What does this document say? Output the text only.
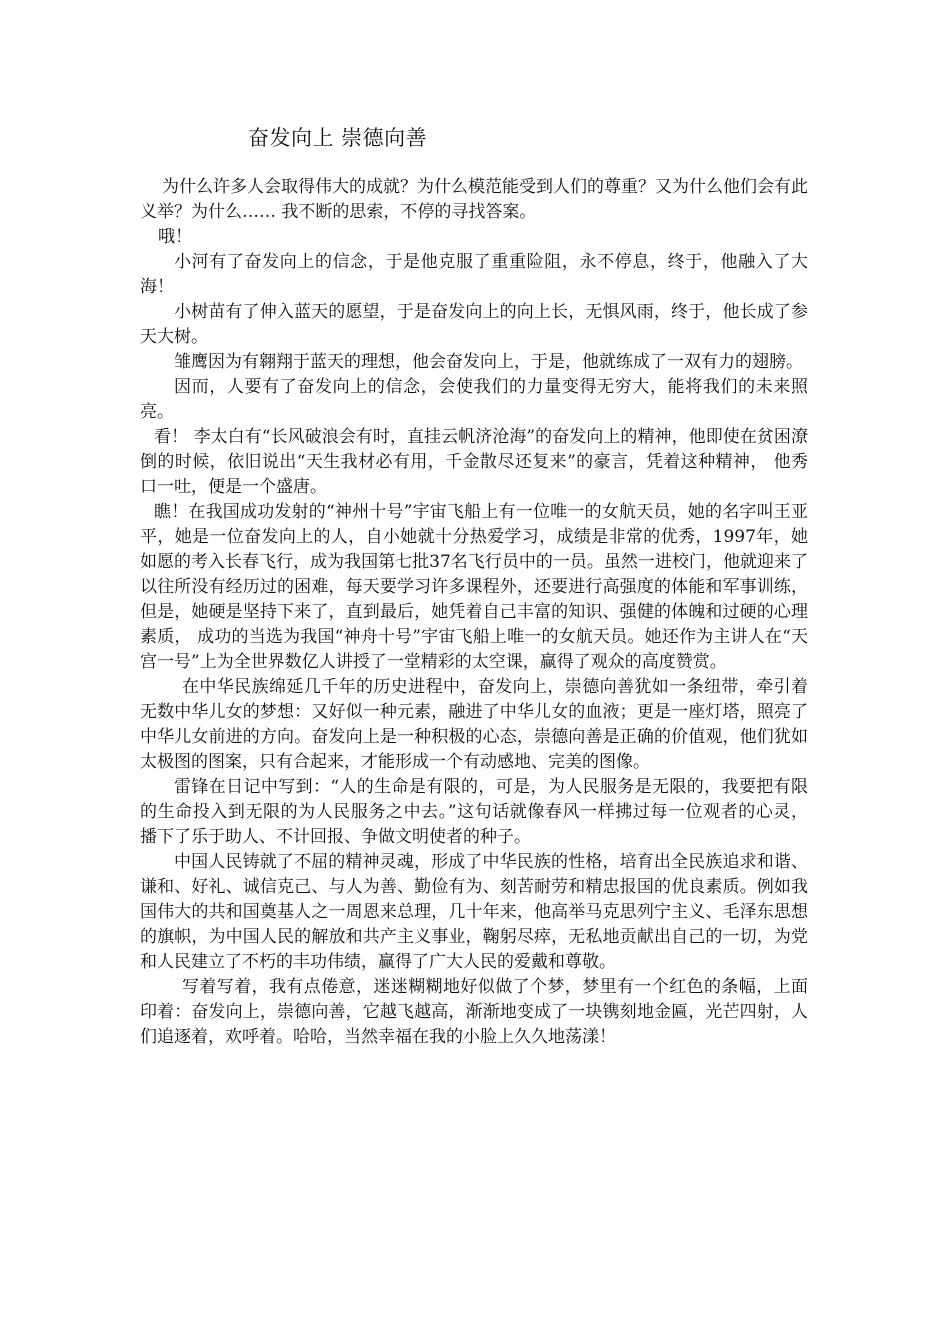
奋发向上 崇德向善

为什么许多人会取得伟大的成就？为什么模范能受到人们的尊重？又为什么他们会有此义举？为什么…… 我不断的思索，不停的寻找答案。

哦！

小河有了奋发向上的信念，于是他克服了重重险阻，永不停息，终于，他融入了大海！

小树苗有了伸入蓝天的愿望，于是奋发向上的向上长，无惧风雨，终于，他长成了参天大树。

雏鹰因为有翱翔于蓝天的理想，他会奋发向上，于是，他就练成了一双有力的翅膀。

因而，人要有了奋发向上的信念，会使我们的力量变得无穷大，能将我们的未来照亮。

看！ 李太白有“长风破浪会有时，直挂云帆济沧海”的奋发向上的精神，他即使在贫困潦倒的时候，依旧说出“天生我材必有用，千金散尽还复来”的豪言，凭着这种精神， 他秀口一吐，便是一个盛唐。

瞧！在我国成功发射的“神州十号”宇宙飞船上有一位唯一的女航天员，她的名字叫王亚平，她是一位奋发向上的人，自小她就十分热爱学习，成绩是非常的优秀，1997年，她如愿的考入长春飞行，成为我国第七批37名飞行员中的一员。虽然一进校门，他就迎来了以往所没有经历过的困难，每天要学习许多课程外，还要进行高强度的体能和军事训练，但是，她硬是坚持下来了，直到最后，她凭着自己丰富的知识、强健的体魄和过硬的心理素质， 成功的当选为我国“神舟十号”宇宙飞船上唯一的女航天员。她还作为主讲人在“天宫一号”上为全世界数亿人讲授了一堂精彩的太空课，赢得了观众的高度赞赏。

在中华民族绵延几千年的历史进程中，奋发向上，崇德向善犹如一条纽带，牵引着无数中华儿女的梦想：又好似一种元素，融进了中华儿女的血液；更是一座灯塔，照亮了中华儿女前进的方向。奋发向上是一种积极的心态，崇德向善是正确的价值观，他们犹如太极图的图案，只有合起来，才能形成一个有动感地、完美的图像。

雷锋在日记中写到：“人的生命是有限的，可是，为人民服务是无限的，我要把有限的生命投入到无限的为人民服务之中去。”这句话就像春风一样拂过每一位观者的心灵， 播下了乐于助人、不计回报、争做文明使者的种子。

中国人民铸就了不屈的精神灵魂，形成了中华民族的性格，培育出全民族追求和谐、谦和、好礼、诚信克己、与人为善、勤俭有为、刻苦耐劳和精忠报国的优良素质。例如我国伟大的共和国奠基人之一周恩来总理，几十年来，他高举马克思列宁主义、毛泽东思想的旗帜，为中国人民的解放和共产主义事业，鞠躬尽瘁，无私地贡献出自己的一切，为党和人民建立了不朽的丰功伟绩，赢得了广大人民的爱戴和尊敬。

写着写着，我有点倦意，迷迷糊糊地好似做了个梦，梦里有一个红色的条幅，上面印着：奋发向上，崇德向善，它越飞越高，渐渐地变成了一块镌刻地金匾，光芒四射，人们追逐着，欢呼着。哈哈，当然幸福在我的小脸上久久地荡漾！
